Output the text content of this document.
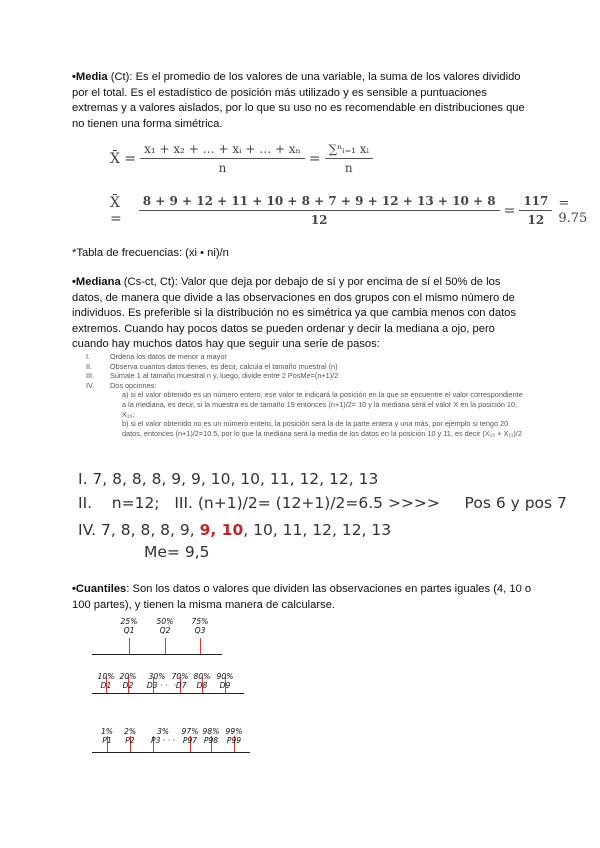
•Media (Ct): Es el promedio de los valores de una variable, la suma de los valores dividido por el total. Es el estadístico de posición más utilizado y es sensible a puntuaciones extremas y a valores aislados, por lo que su uso no es recomendable en distribuciones que no tienen una forma simétrica.
X̄ = $\frac{\text{x₁ + x₂ + … + xᵢ + … + xₙ}}{n} = \frac{\text{∑ⁿᵢ₌₁ xᵢ}}{n}$
X̄ =	$\frac{8 + 9 + 12 + 11 + 10 + 8 + 7 + 9 + 12 + 13 + 10 + 8}{12} = \frac{117}{12} = 9.75$
*Tabla de frecuencias: (xi • ni)/n
•Mediana (Cs-ct, Ct): Valor que deja por debajo de sí y por encima de sí el 50% de los datos, de manera que divide a las observaciones en dos grupos con el mismo número de individuos. Es preferible si la distribución no es simétrica ya que cambia menos con datos extremos. Cuando hay pocos datos se pueden ordenar y decir la mediana a ojo, pero cuando hay muchos datos hay que seguir una serie de pasos:
I.	Ordena los datos de menor a mayor
II.	Observa cuantos datos tienes, es decir, calcula el tamaño muestral (n)
III.	Súmale 1 al tamaño muestral n y, luego, divide entre 2 PosMe=(n+1)/2
IV.	Dos opciones:
a) si el valor obtenido es un número entero, ese valor te indicará la posición en la que se encuentre el valor correspondiente a la mediana, es decir, si la muestra es de tamaño 19 entonces (n+1)/2= 10 y la mediana será el valor X en la posición 10, X₁₀;
b) si el valor obtenido no es un número entero, la posición será la de la parte entera y una más, por ejemplo si tengo 20 datos, entonces (n+1)/2=10.5, por lo que la mediana será la media de los datos en la posición 10 y 11, es decir (X₁₀ + X₁₁)/2
I. 7, 8, 8, 8, 9, 9, 10, 10, 11, 12, 12, 13
II.    n=12;   III. (n+1)/2= (12+1)/2=6.5 >>>>     Pos 6 y pos 7
IV. 7, 8, 8, 8, 9, 9, 10, 10, 11, 12, 12, 13
Me= 9,5
•Cuantiles: Son los datos o valores que dividen las observaciones en partes iguales (4, 10 o 100 partes), y tienen la misma manera de calcularse.
25%
Q1
50%
Q2
75%
Q3
10%
D1
20%
D2
30%
D3 · ·
70%
·D7
80%
D8
90%
D9
1%
P1
2%
P2
3%
P3 · · ·
97%
P97
98%
P98
99%
P99
